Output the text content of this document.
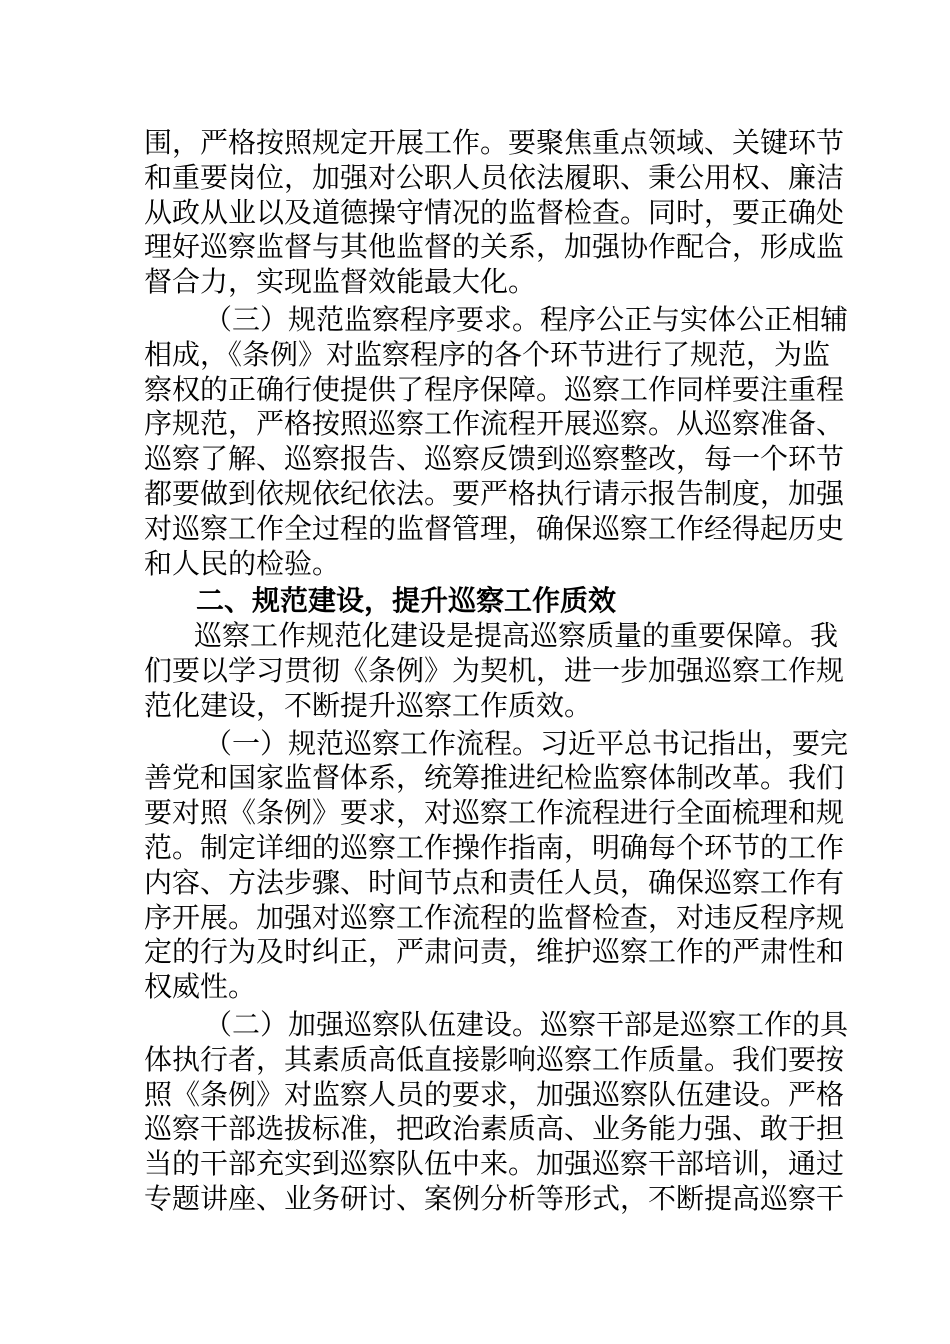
围，严格按照规定开展工作。要聚焦重点领域、关键环节
和重要岗位，加强对公职人员依法履职、秉公用权、廉洁
从政从业以及道德操守情况的监督检查。同时，要正确处
理好巡察监督与其他监督的关系，加强协作配合，形成监
督合力，实现监督效能最大化。
（三）规范监察程序要求。程序公正与实体公正相辅
相成，《条例》对监察程序的各个环节进行了规范，为监
察权的正确行使提供了程序保障。巡察工作同样要注重程
序规范，严格按照巡察工作流程开展巡察。从巡察准备、
巡察了解、巡察报告、巡察反馈到巡察整改，每一个环节
都要做到依规依纪依法。要严格执行请示报告制度，加强
对巡察工作全过程的监督管理，确保巡察工作经得起历史
和人民的检验。
二、规范建设，提升巡察工作质效
巡察工作规范化建设是提高巡察质量的重要保障。我
们要以学习贯彻《条例》为契机，进一步加强巡察工作规
范化建设，不断提升巡察工作质效。
（一）规范巡察工作流程。习近平总书记指出，要完
善党和国家监督体系，统筹推进纪检监察体制改革。我们
要对照《条例》要求，对巡察工作流程进行全面梳理和规
范。制定详细的巡察工作操作指南，明确每个环节的工作
内容、方法步骤、时间节点和责任人员，确保巡察工作有
序开展。加强对巡察工作流程的监督检查，对违反程序规
定的行为及时纠正，严肃问责，维护巡察工作的严肃性和
权威性。
（二）加强巡察队伍建设。巡察干部是巡察工作的具
体执行者，其素质高低直接影响巡察工作质量。我们要按
照《条例》对监察人员的要求，加强巡察队伍建设。严格
巡察干部选拔标准，把政治素质高、业务能力强、敢于担
当的干部充实到巡察队伍中来。加强巡察干部培训，通过
专题讲座、业务研讨、案例分析等形式，不断提高巡察干
